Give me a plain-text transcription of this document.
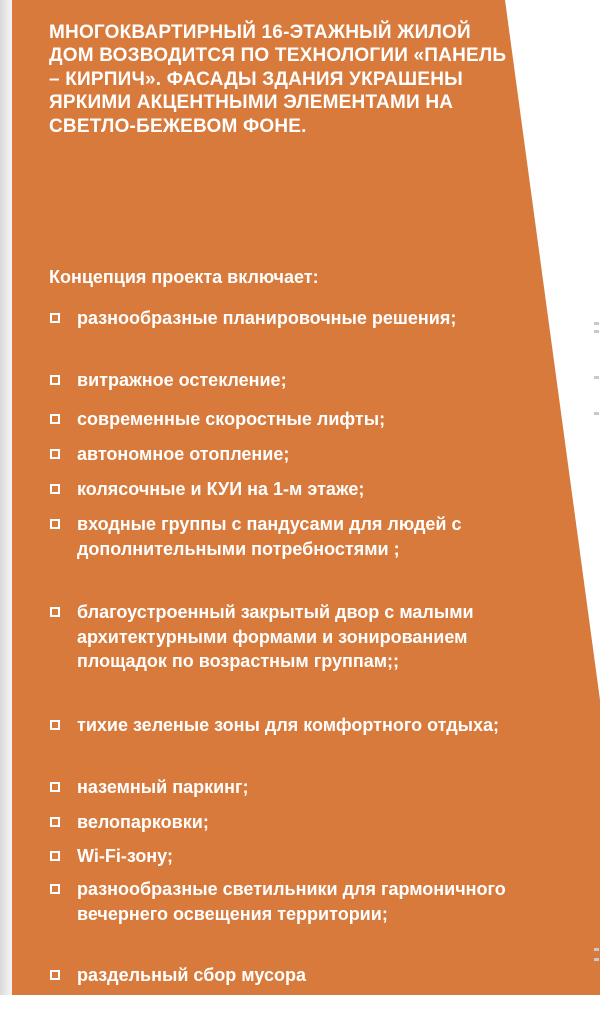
МНОГОКВАРТИРНЫЙ 16-ЭТАЖНЫЙ ЖИЛОЙ ДОМ ВОЗВОДИТСЯ ПО ТЕХНОЛОГИИ «ПАНЕЛЬ – КИРПИЧ». ФАСАДЫ ЗДАНИЯ УКРАШЕНЫ ЯРКИМИ АКЦЕНТНЫМИ ЭЛЕМЕНТАМИ НА СВЕТЛО-БЕЖЕВОМ ФОНЕ.

Концепция проекта включает:

разнообразные планировочные решения;
витражное остекление;
современные скоростные лифты;
автономное отопление;
колясочные и КУИ на 1-м этаже;
входные группы с пандусами для людей с дополнительными потребностями ;
благоустроенный закрытый двор с малыми архитектурными формами и зонированием площадок по возрастным группам;;
тихие зеленые зоны для комфортного отдыха;
наземный паркинг;
велопарковки;
Wi-Fi-зону;
разнообразные светильники для гармоничного вечернего освещения территории;
раздельный сбор мусора
